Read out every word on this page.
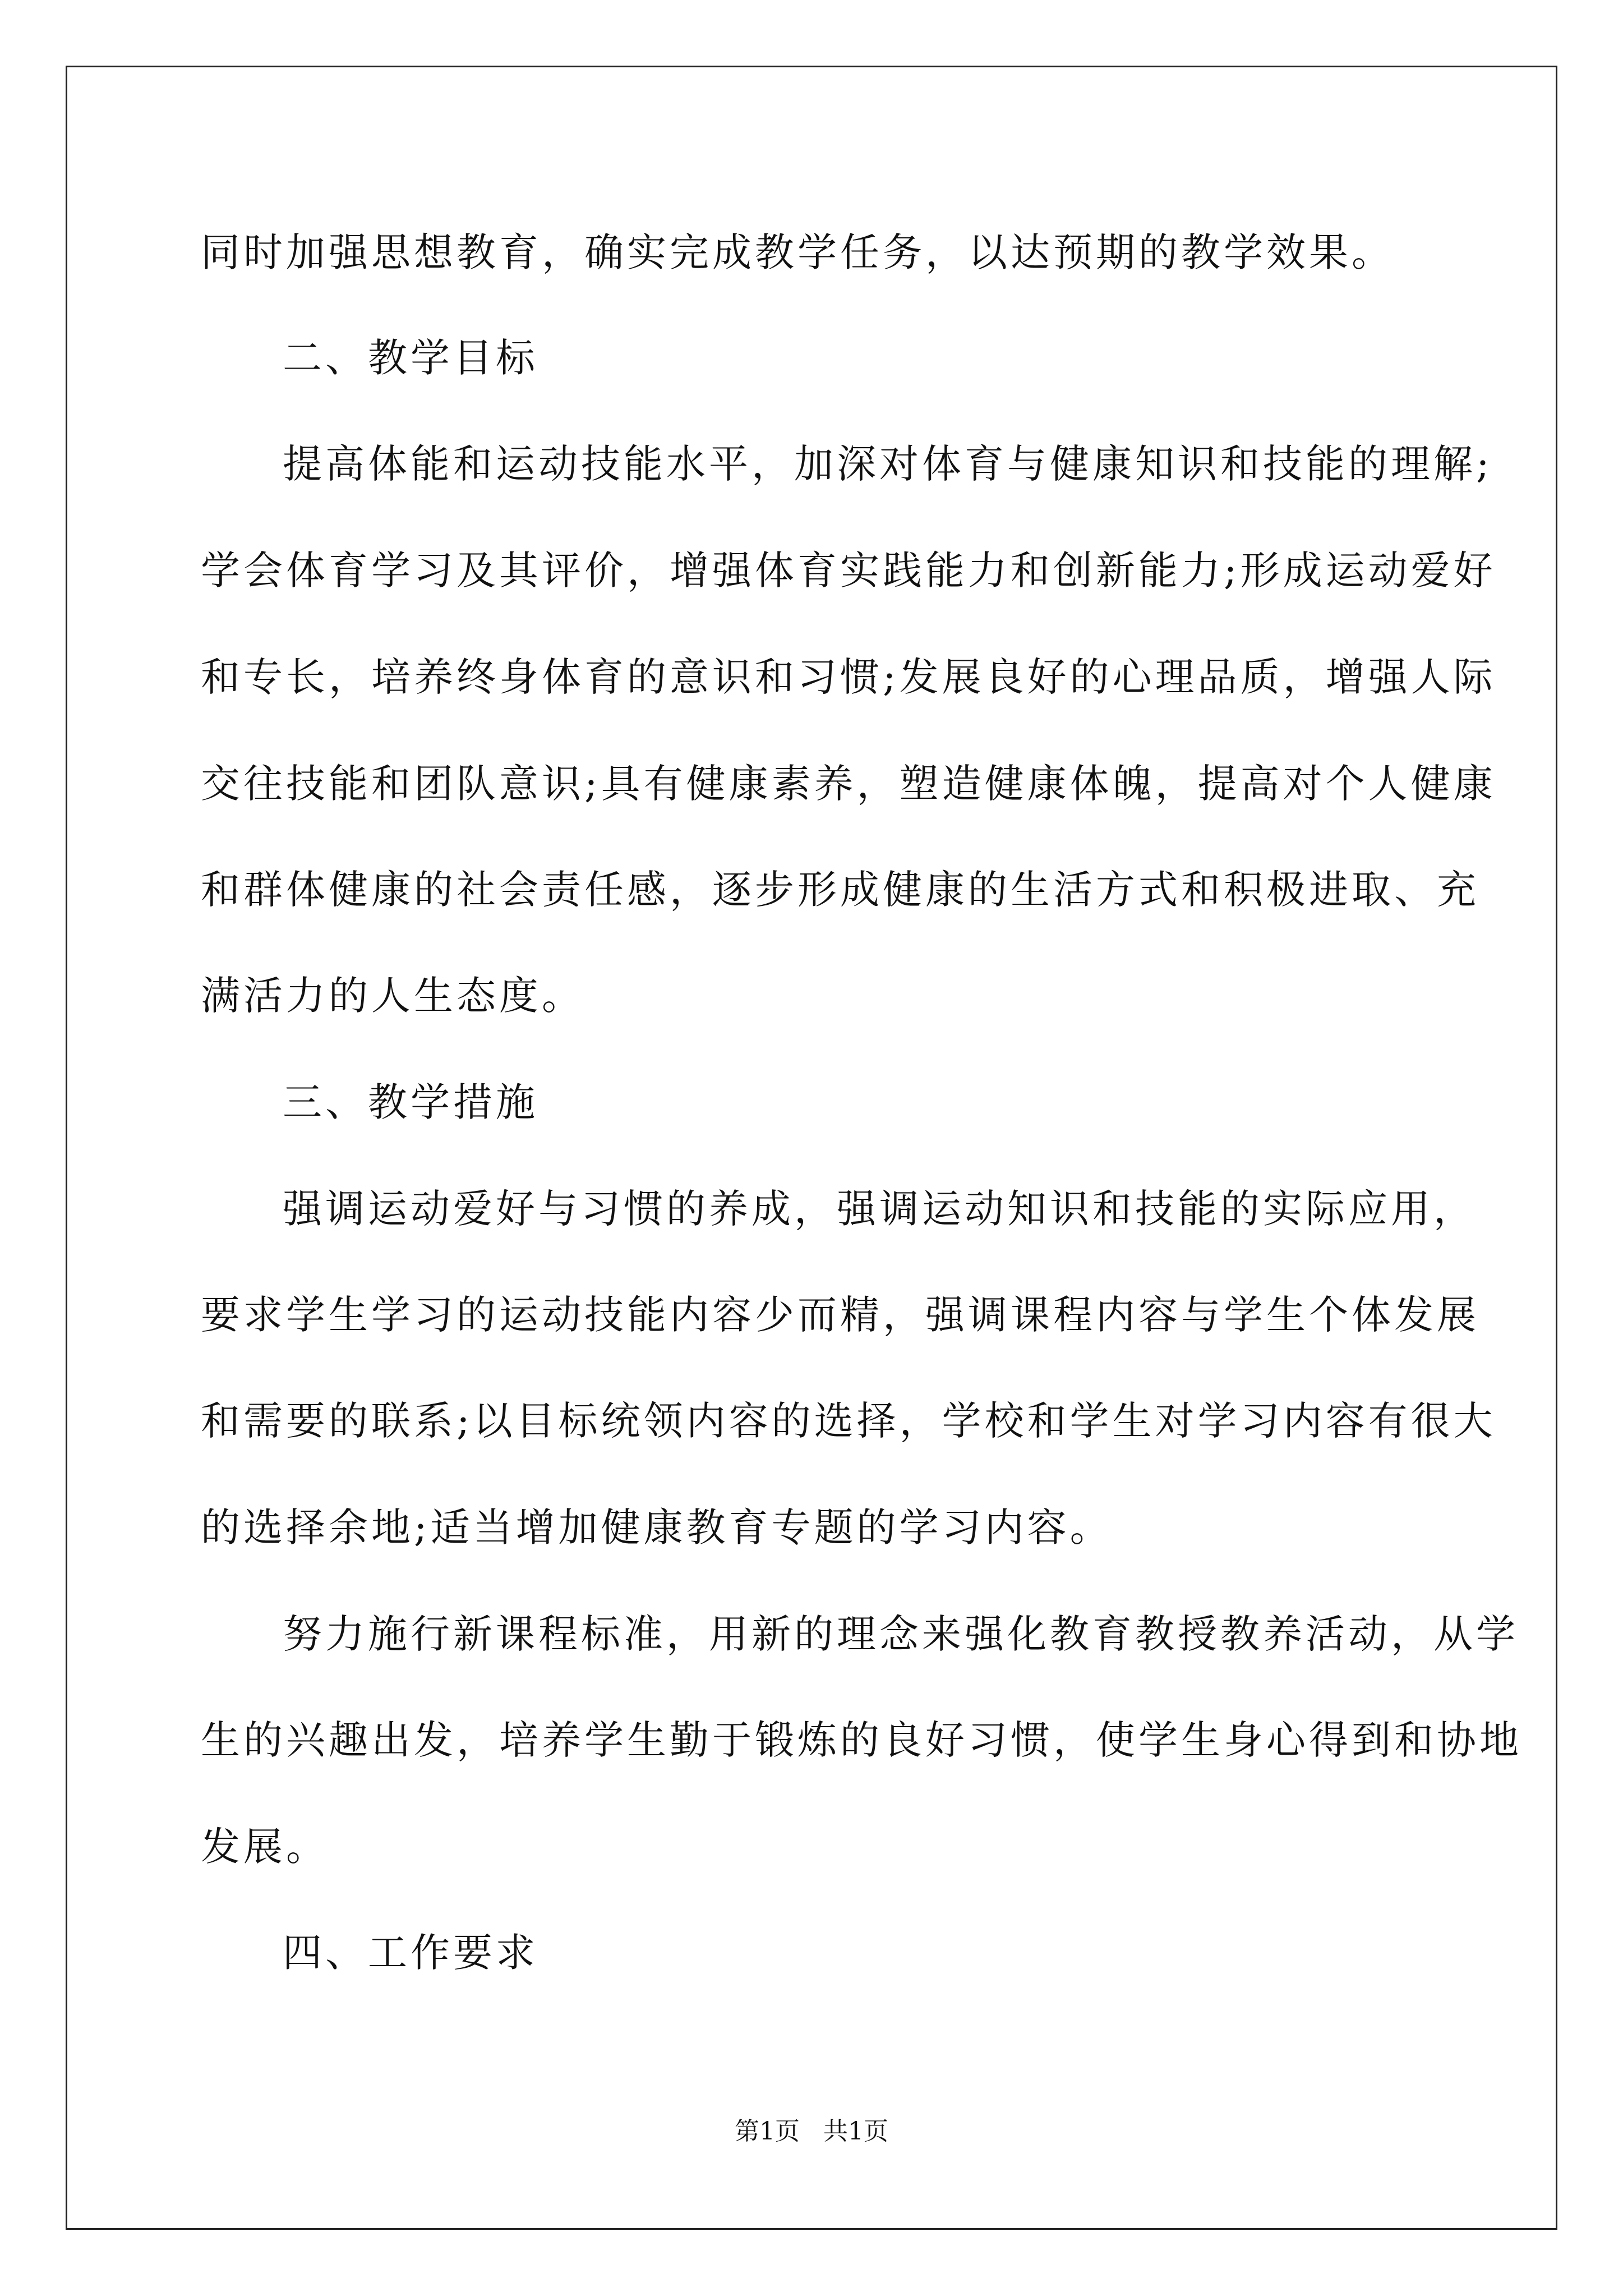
同时加强思想教育，确实完成教学任务，以达预期的教学效果。
二、教学目标
提高体能和运动技能水平，加深对体育与健康知识和技能的理解;
学会体育学习及其评价，增强体育实践能力和创新能力;形成运动爱好
和专长，培养终身体育的意识和习惯;发展良好的心理品质，增强人际
交往技能和团队意识;具有健康素养，塑造健康体魄，提高对个人健康
和群体健康的社会责任感，逐步形成健康的生活方式和积极进取、充
满活力的人生态度。
三、教学措施
强调运动爱好与习惯的养成，强调运动知识和技能的实际应用，
要求学生学习的运动技能内容少而精，强调课程内容与学生个体发展
和需要的联系;以目标统领内容的选择，学校和学生对学习内容有很大
的选择余地;适当增加健康教育专题的学习内容。
努力施行新课程标准，用新的理念来强化教育教授教养活动，从学
生的兴趣出发，培养学生勤于锻炼的良好习惯，使学生身心得到和协地
发展。
四、工作要求
第1页   共1页
